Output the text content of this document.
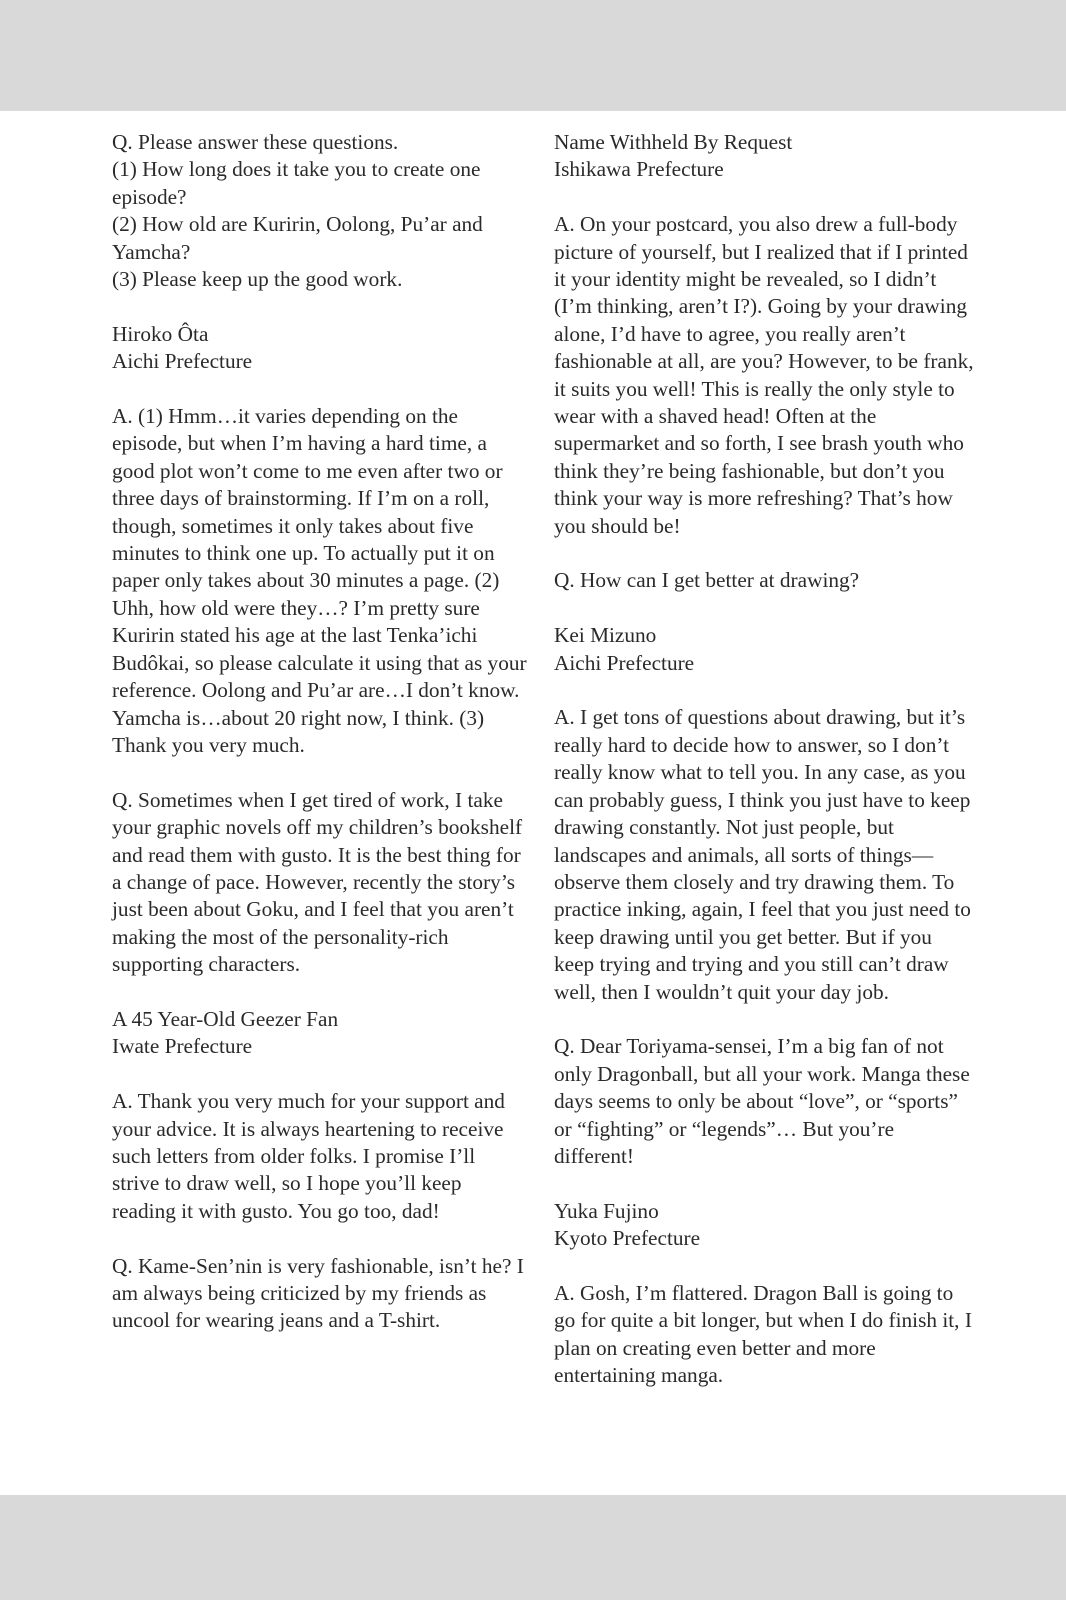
Q. Please answer these questions.
(1) How long does it take you to create one episode?
(2) How old are Kuririn, Oolong, Pu’ar and Yamcha?
(3) Please keep up the good work.

Hiroko Ôta
Aichi Prefecture

A. (1) Hmm…it varies depending on the episode, but when I’m having a hard time, a good plot won’t come to me even after two or three days of brainstorming. If I’m on a roll, though, sometimes it only takes about five minutes to think one up. To actually put it on paper only takes about 30 minutes a page. (2) Uhh, how old were they…? I’m pretty sure Kuririn stated his age at the last Tenka’ichi Budôkai, so please calculate it using that as your reference. Oolong and Pu’ar are…I don’t know. Yamcha is…about 20 right now, I think. (3) Thank you very much.

Q. Sometimes when I get tired of work, I take your graphic novels off my children’s bookshelf and read them with gusto. It is the best thing for a change of pace. However, recently the story’s just been about Goku, and I feel that you aren’t making the most of the personality-rich supporting characters.

A 45 Year-Old Geezer Fan
Iwate Prefecture

A. Thank you very much for your support and your advice. It is always heartening to receive such letters from older folks. I promise I’ll strive to draw well, so I hope you’ll keep reading it with gusto. You go too, dad!

Q. Kame-Sen’nin is very fashionable, isn’t he? I am always being criticized by my friends as uncool for wearing jeans and a T-shirt.

Name Withheld By Request
Ishikawa Prefecture

A. On your postcard, you also drew a full-body picture of yourself, but I realized that if I printed it your identity might be revealed, so I didn’t (I’m thinking, aren’t I?). Going by your drawing alone, I’d have to agree, you really aren’t fashionable at all, are you? However, to be frank, it suits you well! This is really the only style to wear with a shaved head! Often at the supermarket and so forth, I see brash youth who think they’re being fashionable, but don’t you think your way is more refreshing? That’s how you should be!

Q. How can I get better at drawing?

Kei Mizuno
Aichi Prefecture

A. I get tons of questions about drawing, but it’s really hard to decide how to answer, so I don’t really know what to tell you. In any case, as you can probably guess, I think you just have to keep drawing constantly. Not just people, but landscapes and animals, all sorts of things—observe them closely and try drawing them. To practice inking, again, I feel that you just need to keep drawing until you get better. But if you keep trying and trying and you still can’t draw well, then I wouldn’t quit your day job.

Q. Dear Toriyama-sensei, I’m a big fan of not only Dragonball, but all your work. Manga these days seems to only be about “love”, or “sports” or “fighting” or “legends”… But you’re different!

Yuka Fujino
Kyoto Prefecture

A. Gosh, I’m flattered. Dragon Ball is going to go for quite a bit longer, but when I do finish it, I plan on creating even better and more entertaining manga.
